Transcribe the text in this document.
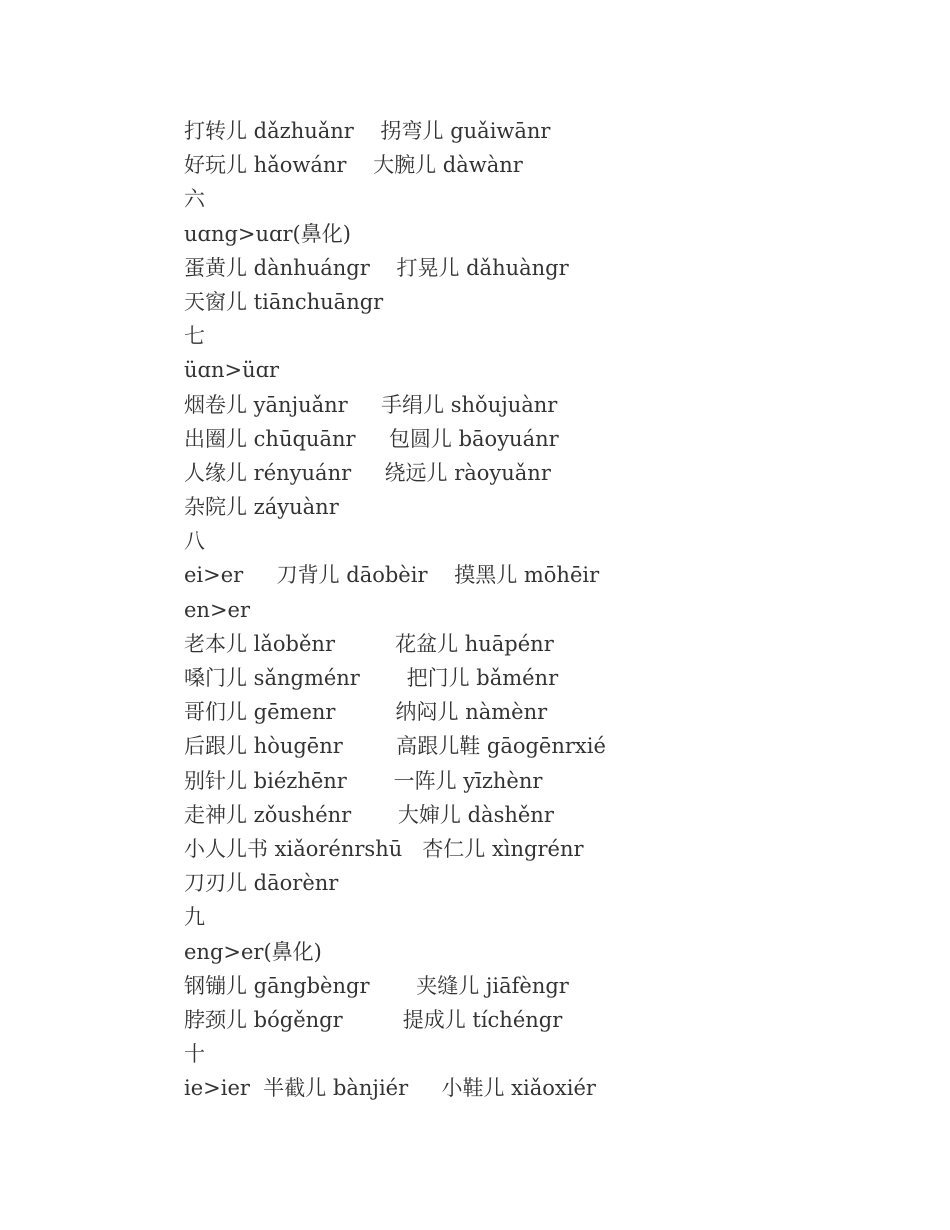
打转儿 dǎzhuǎnr    拐弯儿 guǎiwānr
好玩儿 hǎowánr    大腕儿 dàwànr
六
uɑng>uɑr(鼻化)
蛋黄儿 dànhuángr    打晃儿 dǎhuàngr
天窗儿 tiānchuāngr
七
üɑn>üɑr
烟卷儿 yānjuǎnr     手绢儿 shǒujuànr
出圈儿 chūquānr     包圆儿 bāoyuánr
人缘儿 rényuánr     绕远儿 ràoyuǎnr
杂院儿 záyuànr
八
ei>er     刀背儿 dāobèir    摸黑儿 mōhēir
en>er
老本儿 lǎoběnr         花盆儿 huāpénr
嗓门儿 sǎngménr       把门儿 bǎménr
哥们儿 gēmenr         纳闷儿 nàmènr
后跟儿 hòugēnr        高跟儿鞋 gāogēnrxié
别针儿 biézhēnr       一阵儿 yīzhènr
走神儿 zǒushénr       大婶儿 dàshěnr
小人儿书 xiǎorénrshū   杏仁儿 xìngrénr
刀刃儿 dāorènr
九
eng>er(鼻化)
钢镚儿 gāngbèngr       夹缝儿 jiāfèngr
脖颈儿 bógěngr         提成儿 tíchéngr
十
ie>ier  半截儿 bànjiér     小鞋儿 xiǎoxiér
